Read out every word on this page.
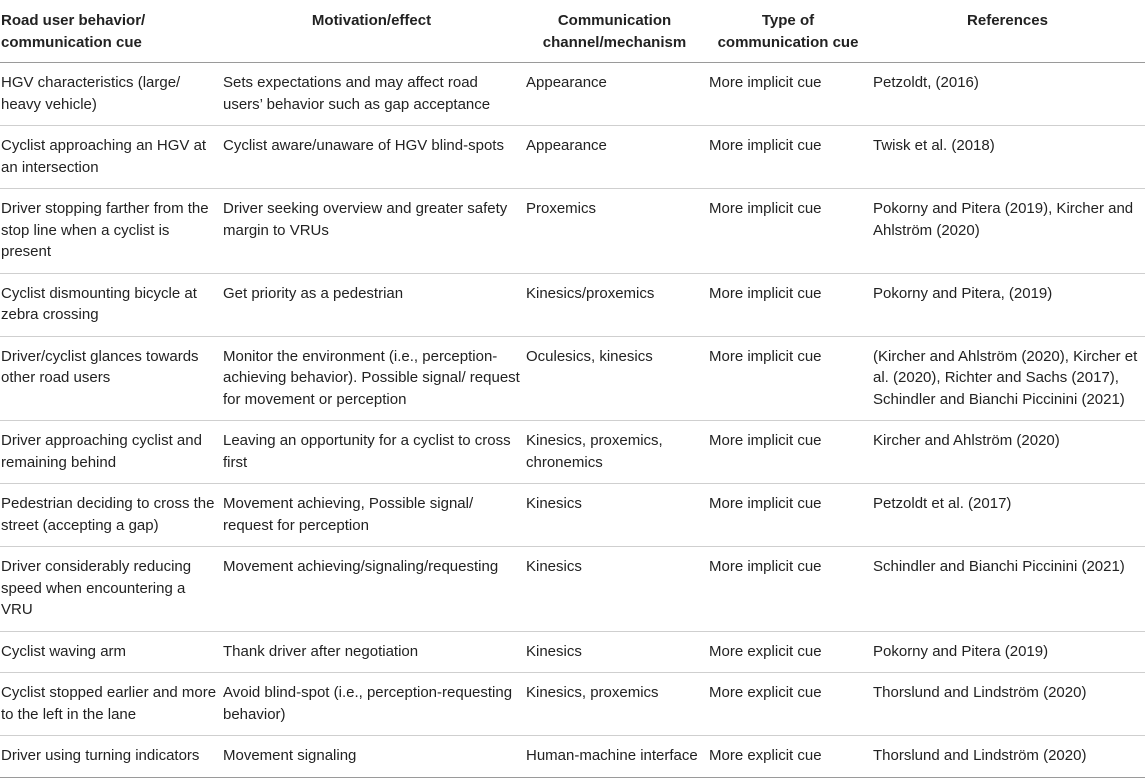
Road user behavior/ communication cue	Motivation/effect	Communication channel/mechanism	Type of communication cue	References
HGV characteristics (large/ heavy vehicle)	Sets expectations and may affect road users’ behavior such as gap acceptance	Appearance	More implicit cue	Petzoldt, (2016)
Cyclist approaching an HGV at an intersection	Cyclist aware/unaware of HGV blind-spots	Appearance	More implicit cue	Twisk et al. (2018)
Driver stopping farther from the stop line when a cyclist is present	Driver seeking overview and greater safety margin to VRUs	Proxemics	More implicit cue	Pokorny and Pitera (2019), Kircher and Ahlström (2020)
Cyclist dismounting bicycle at zebra crossing	Get priority as a pedestrian	Kinesics/proxemics	More implicit cue	Pokorny and Pitera, (2019)
Driver/cyclist glances towards other road users	Monitor the environment (i.e., perception-achieving behavior). Possible signal/ request for movement or perception	Oculesics, kinesics	More implicit cue	(Kircher and Ahlström (2020), Kircher et al. (2020), Richter and Sachs (2017), Schindler and Bianchi Piccinini (2021)
Driver approaching cyclist and remaining behind	Leaving an opportunity for a cyclist to cross first	Kinesics, proxemics, chronemics	More implicit cue	Kircher and Ahlström (2020)
Pedestrian deciding to cross the street (accepting a gap)	Movement achieving, Possible signal/ request for perception	Kinesics	More implicit cue	Petzoldt et al. (2017)
Driver considerably reducing speed when encountering a VRU	Movement achieving/signaling/requesting	Kinesics	More implicit cue	Schindler and Bianchi Piccinini (2021)
Cyclist waving arm	Thank driver after negotiation	Kinesics	More explicit cue	Pokorny and Pitera (2019)
Cyclist stopped earlier and more to the left in the lane	Avoid blind-spot (i.e., perception-requesting behavior)	Kinesics, proxemics	More explicit cue	Thorslund and Lindström (2020)
Driver using turning indicators	Movement signaling	Human-machine interface	More explicit cue	Thorslund and Lindström (2020)
